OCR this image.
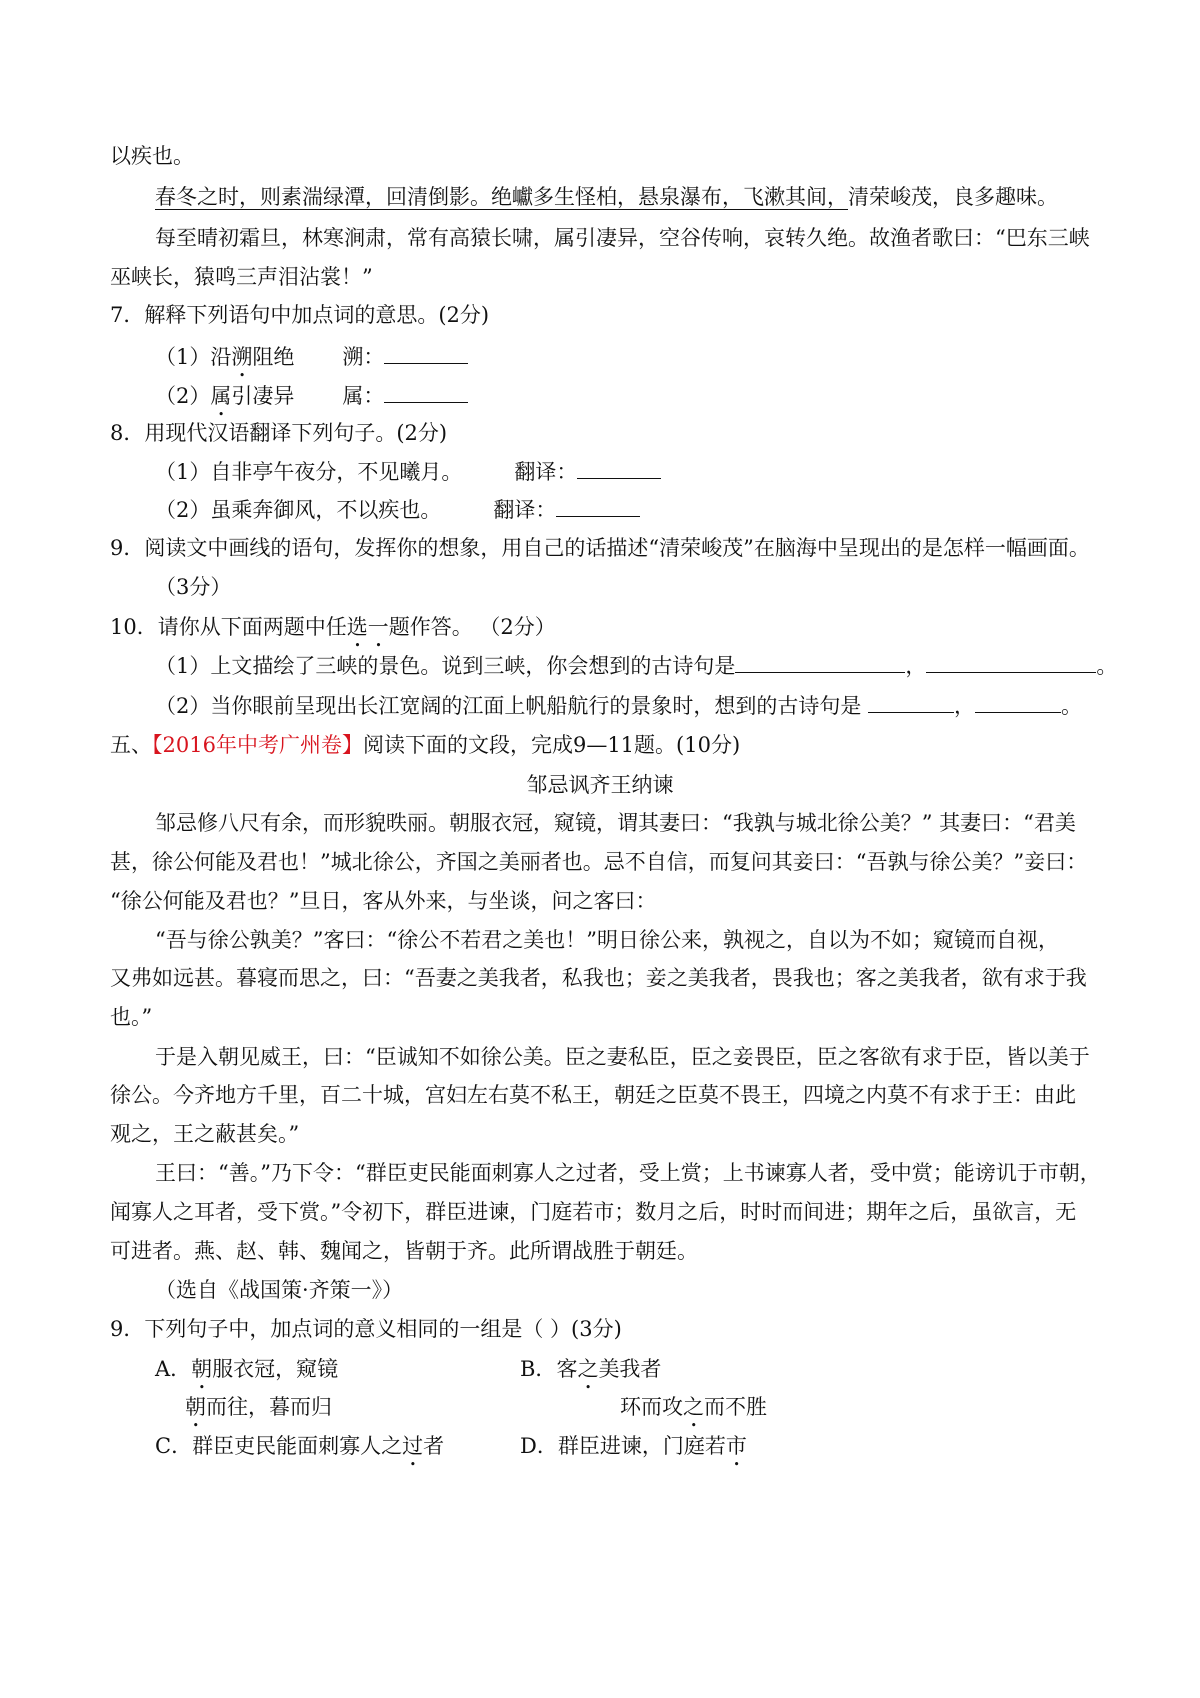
以疾也。
春冬之时，则素湍绿潭，回清倒影。绝巘多生怪柏，悬泉瀑布，飞漱其间，清荣峻茂，良多趣味。
每至晴初霜旦，林寒涧肃，常有高猿长啸，属引凄异，空谷传响，哀转久绝。故渔者歌曰：“巴东三峡
巫峡长，猿鸣三声泪沾裳！”
7．解释下列语句中加点词的意思。(2分)
（1）沿溯阻绝 溯：
（2）属引凄异 属：
8．用现代汉语翻译下列句子。(2分)
（1）自非亭午夜分，不见曦月。 翻译：
（2）虽乘奔御风，不以疾也。 翻译：
9．阅读文中画线的语句，发挥你的想象，用自己的话描述“清荣峻茂”在脑海中呈现出的是怎样一幅画面。
（3分）
10．请你从下面两题中任选一题作答。 （2分）
（1）上文描绘了三峡的景色。说到三峡，你会想到的古诗句是	，	。
（2）当你眼前呈现出长江宽阔的江面上帆船航行的景象时，想到的古诗句是	，	。
五、【2016年中考广州卷】阅读下面的文段，完成9—11题。(10分)
邹忌讽齐王纳谏
邹忌修八尺有余，而形貌昳丽。朝服衣冠，窥镜，谓其妻曰：“我孰与城北徐公美？” 其妻曰：“君美
甚，徐公何能及君也！”城北徐公，齐国之美丽者也。忌不自信，而复问其妾曰：“吾孰与徐公美？”妾曰：
“徐公何能及君也？”旦日，客从外来，与坐谈，问之客曰：
“吾与徐公孰美？”客曰：“徐公不若君之美也！”明日徐公来，孰视之，自以为不如；窥镜而自视，
又弗如远甚。暮寝而思之，曰：“吾妻之美我者，私我也；妾之美我者，畏我也；客之美我者，欲有求于我
也。”
于是入朝见威王，曰：“臣诚知不如徐公美。臣之妻私臣，臣之妾畏臣，臣之客欲有求于臣，皆以美于
徐公。今齐地方千里，百二十城，宫妇左右莫不私王，朝廷之臣莫不畏王，四境之内莫不有求于王：由此
观之，王之蔽甚矣。”
王曰：“善。”乃下令：“群臣吏民能面刺寡人之过者，受上赏；上书谏寡人者，受中赏；能谤讥于市朝，
闻寡人之耳者，受下赏。”令初下，群臣进谏，门庭若市；数月之后，时时而间进；期年之后，虽欲言，无
可进者。燕、赵、韩、魏闻之，皆朝于齐。此所谓战胜于朝廷。
（选自《战国策·齐策一》）
9．下列句子中，加点词的意义相同的一组是（ ）(3分)
A．朝服衣冠，窥镜	B．客之美我者
朝而往，暮而归	环而攻之而不胜
C．群臣吏民能面刺寡人之过者	D．群臣进谏，门庭若市
